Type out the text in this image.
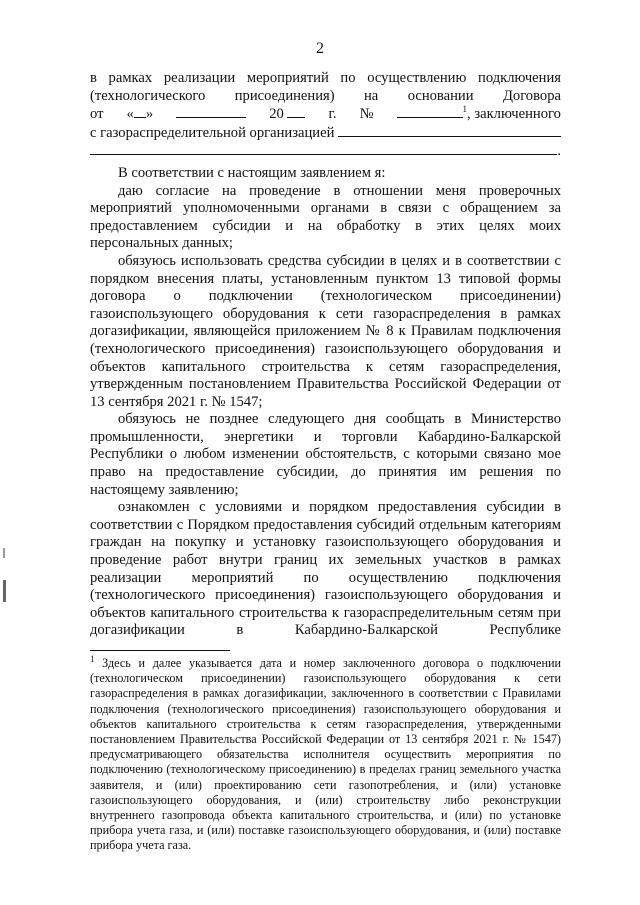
2

в рамках реализации мероприятий по осуществлению подключения

(технологического присоединения) на основании Договора
от « »	20	г. №	$^1$, заключенного
с газораспределительной организацией
.

В соответствии с настоящим заявлением я:

даю согласие на проведение в отношении меня проверочных мероприятий уполномоченными органами в связи с обращением за предоставлением субсидии и на обработку в этих целях моих персональных данных;

обязуюсь использовать средства субсидии в целях и в соответствии с порядком внесения платы, установленным пунктом 13 типовой формы договора о подключении (технологическом присоединении) газоиспользующего оборудования к сети газораспределения в рамках догазификации, являющейся приложением № 8 к Правилам подключения (технологического присоединения) газоиспользующего оборудования и объектов капитального строительства к сетям газораспределения, утвержденным постановлением Правительства Российской Федерации от 13 сентября 2021 г. № 1547;

обязуюсь не позднее следующего дня сообщать в Министерство промышленности, энергетики и торговли Кабардино-Балкарской Республики о любом изменении обстоятельств, с которыми связано мое право на предоставление субсидии, до принятия им решения по настоящему заявлению;

ознакомлен с условиями и порядком предоставления субсидии в соответствии с Порядком предоставления субсидий отдельным категориям граждан на покупку и установку газоиспользующего оборудования и проведение работ внутри границ их земельных участков в рамках реализации мероприятий по осуществлению подключения (технологического присоединения) газоиспользующего оборудования и объектов капитального строительства к газораспределительным сетям при догазификации в Кабардино-Балкарской Республике

$^1$ Здесь и далее указывается дата и номер заключенного договора о подключении (технологическом присоединении) газоиспользующего оборудования к сети газораспределения в рамках догазификации, заключенного в соответствии с Правилами подключения (технологического присоединения) газоиспользующего оборудования и объектов капитального строительства к сетям газораспределения, утвержденными постановлением Правительства Российской Федерации от 13 сентября 2021 г. № 1547) предусматривающего обязательства исполнителя осуществить мероприятия по подключению (технологическому присоединению) в пределах границ земельного участка заявителя, и (или) проектированию сети газопотребления, и (или) установке газоиспользующего оборудования, и (или) строительству либо реконструкции внутреннего газопровода объекта капитального строительства, и (или) по установке прибора учета газа, и (или) поставке газоиспользующего оборудования, и (или) поставке прибора учета газа.
